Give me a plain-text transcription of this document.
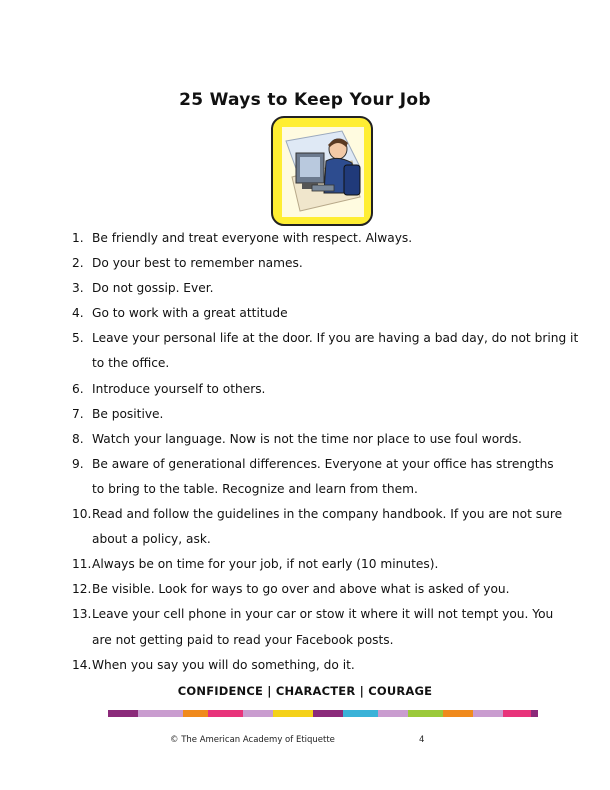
25 Ways to Keep Your Job
1. Be friendly and treat everyone with respect. Always.
2. Do your best to remember names.
3. Do not gossip. Ever.
4. Go to work with a great attitude
5. Leave your personal life at the door. If you are having a bad day, do not bring it
to the office.
6. Introduce yourself to others.
7. Be positive.
8. Watch your language. Now is not the time nor place to use foul words.
9. Be aware of generational differences. Everyone at your office has strengths
to bring to the table. Recognize and learn from them.
10.Read and follow the guidelines in the company handbook. If you are not sure
about a policy, ask.
11.Always be on time for your job, if not early (10 minutes).
12.Be visible. Look for ways to go over and above what is asked of you.
13.Leave your cell phone in your car or stow it where it will not tempt you. You
are not getting paid to read your Facebook posts.
14.When you say you will do something, do it.
CONFIDENCE | CHARACTER | COURAGE
© The American Academy of Etiquette	4
